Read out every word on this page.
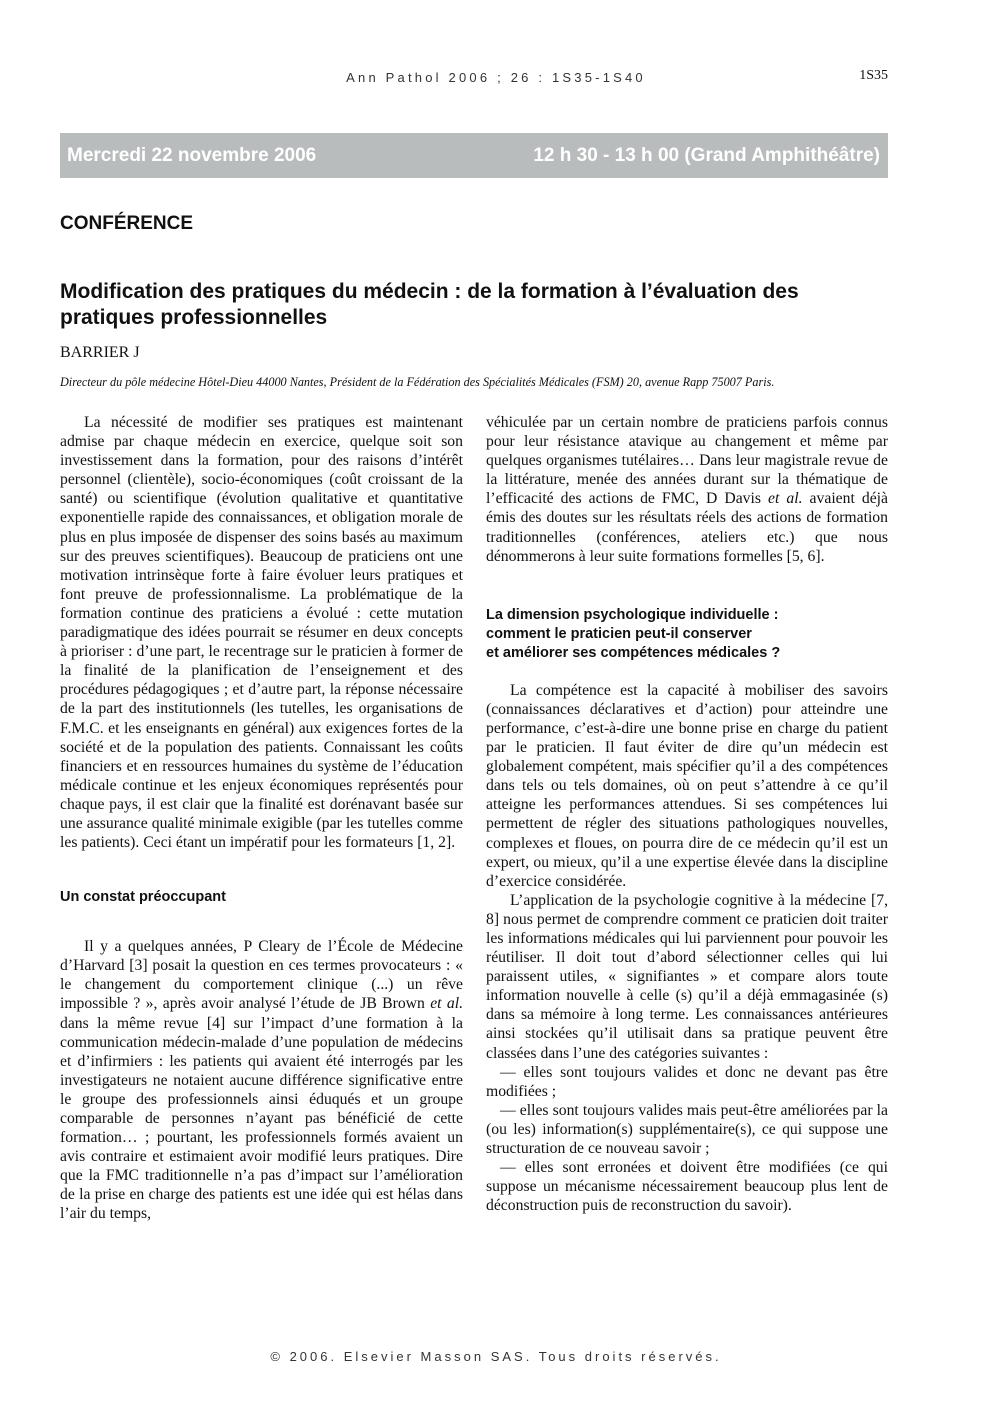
Ann Pathol 2006 ; 26 : 1S35-1S40	1S35
Mercredi 22 novembre 2006	12 h 30 - 13 h 00 (Grand Amphithéâtre)
CONFÉRENCE
Modification des pratiques du médecin : de la formation à l’évaluation des pratiques professionnelles
BARRIER J
Directeur du pôle médecine Hôtel-Dieu 44000 Nantes, Président de la Fédération des Spécialités Médicales (FSM) 20, avenue Rapp 75007 Paris.

La nécessité de modifier ses pratiques est maintenant admise par chaque médecin en exercice, quelque soit son investissement dans la formation, pour des raisons d’intérêt personnel (clientèle), socio-économiques (coût croissant de la santé) ou scientifique (évolution qualitative et quantitative exponentielle rapide des connaissances, et obligation morale de plus en plus imposée de dispenser des soins basés au maximum sur des preuves scientifiques). Beaucoup de praticiens ont une motivation intrinsèque forte à faire évoluer leurs pratiques et font preuve de professionnalisme. La problématique de la formation continue des praticiens a évolué : cette mutation paradigmatique des idées pourrait se résumer en deux concepts à prioriser : d’une part, le recentrage sur le praticien à former de la finalité de la planification de l’enseignement et des procédures pédagogiques ; et d’autre part, la réponse nécessaire de la part des institutionnels (les tutelles, les organisations de F.M.C. et les enseignants en général) aux exigences fortes de la société et de la population des patients. Connaissant les coûts financiers et en ressources humaines du système de l’éducation médicale continue et les enjeux économiques représentés pour chaque pays, il est clair que la finalité est dorénavant basée sur une assurance qualité minimale exigible (par les tutelles comme les patients). Ceci étant un impératif pour les formateurs [1, 2].

Un constat préoccupant

Il y a quelques années, P Cleary de l’École de Médecine d’Harvard [3] posait la question en ces termes provocateurs : « le changement du comportement clinique (...) un rêve impossible ? », après avoir analysé l’étude de JB Brown et al. dans la même revue [4] sur l’impact d’une formation à la communication médecin-malade d’une population de médecins et d’infirmiers : les patients qui avaient été interrogés par les investigateurs ne notaient aucune différence significative entre le groupe des professionnels ainsi éduqués et un groupe comparable de personnes n’ayant pas bénéficié de cette formation… ; pourtant, les professionnels formés avaient un avis contraire et estimaient avoir modifié leurs pratiques. Dire que la FMC traditionnelle n’a pas d’impact sur l’amélioration de la prise en charge des patients est une idée qui est hélas dans l’air du temps,

véhiculée par un certain nombre de praticiens parfois connus pour leur résistance atavique au changement et même par quelques organismes tutélaires… Dans leur magistrale revue de la littérature, menée des années durant sur la thématique de l’efficacité des actions de FMC, D Davis et al. avaient déjà émis des doutes sur les résultats réels des actions de formation traditionnelles (conférences, ateliers etc.) que nous dénommerons à leur suite formations formelles [5, 6].

La dimension psychologique individuelle :
comment le praticien peut-il conserver
et améliorer ses compétences médicales ?

La compétence est la capacité à mobiliser des savoirs (connaissances déclaratives et d’action) pour atteindre une performance, c’est-à-dire une bonne prise en charge du patient par le praticien. Il faut éviter de dire qu’un médecin est globalement compétent, mais spécifier qu’il a des compétences dans tels ou tels domaines, où on peut s’attendre à ce qu’il atteigne les performances attendues. Si ses compétences lui permettent de régler des situations pathologiques nouvelles, complexes et floues, on pourra dire de ce médecin qu’il est un expert, ou mieux, qu’il a une expertise élevée dans la discipline d’exercice considérée.

L’application de la psychologie cognitive à la médecine [7, 8] nous permet de comprendre comment ce praticien doit traiter les informations médicales qui lui parviennent pour pouvoir les réutiliser. Il doit tout d’abord sélectionner celles qui lui paraissent utiles, « signifiantes » et compare alors toute information nouvelle à celle (s) qu’il a déjà emmagasinée (s) dans sa mémoire à long terme. Les connaissances antérieures ainsi stockées qu’il utilisait dans sa pratique peuvent être classées dans l’une des catégories suivantes :

— elles sont toujours valides et donc ne devant pas être modifiées ;

— elles sont toujours valides mais peut-être améliorées par la (ou les) information(s) supplémentaire(s), ce qui suppose une structuration de ce nouveau savoir ;

— elles sont erronées et doivent être modifiées (ce qui suppose un mécanisme nécessairement beaucoup plus lent de déconstruction puis de reconstruction du savoir).

© 2006. Elsevier Masson SAS. Tous droits réservés.
